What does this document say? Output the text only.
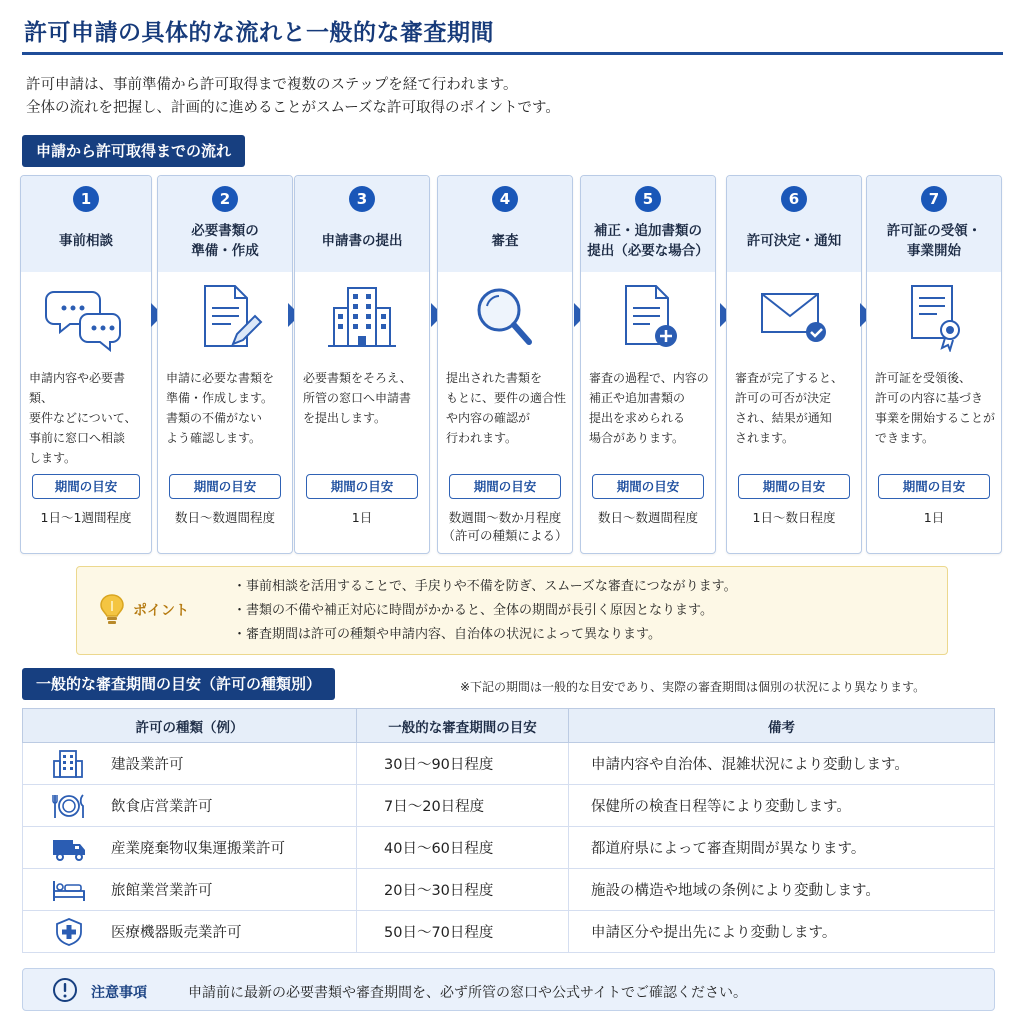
許可申請の具体的な流れと一般的な審査期間
許可申請は、事前準備から許可取得まで複数のステップを経て行われます。
全体の流れを把握し、計画的に進めることがスムーズな許可取得のポイントです。
申請から許可取得までの流れ
1
事前相談
申請内容や必要書類、
要件などについて、
事前に窓口へ相談
します。
期間の目安
1日〜1週間程度
2
必要書類の
準備・作成
申請に必要な書類を
準備・作成します。
書類の不備がない
よう確認します。
期間の目安
数日〜数週間程度
3
申請書の提出
必要書類をそろえ、
所管の窓口へ申請書
を提出します。
期間の目安
1日
4
審査
提出された書類を
もとに、要件の適合性
や内容の確認が
行われます。
期間の目安
数週間〜数か月程度
（許可の種類による）
5
補正・追加書類の
提出（必要な場合）
審査の過程で、内容の
補正や追加書類の
提出を求められる
場合があります。
期間の目安
数日〜数週間程度
6
許可決定・通知
審査が完了すると、
許可の可否が決定
され、結果が通知
されます。
期間の目安
1日〜数日程度
7
許可証の受領・
事業開始
許可証を受領後、
許可の内容に基づき
事業を開始することが
できます。
期間の目安
1日
ポイント
・事前相談を活用することで、手戻りや不備を防ぎ、スムーズな審査につながります。
・書類の不備や補正対応に時間がかかると、全体の期間が長引く原因となります。
・審査期間は許可の種類や申請内容、自治体の状況によって異なります。
一般的な審査期間の目安（許可の種類別）	※下記の期間は一般的な目安であり、実際の審査期間は個別の状況により異なります。
許可の種類（例）	一般的な審査期間の目安	備考

建設業許可	30日〜90日程度	申請内容や自治体、混雑状況により変動します。

飲食店営業許可	7日〜20日程度	保健所の検査日程等により変動します。

産業廃棄物収集運搬業許可	40日〜60日程度	都道府県によって審査期間が異なります。

旅館業営業許可	20日〜30日程度	施設の構造や地域の条例により変動します。

医療機器販売業許可	50日〜70日程度	申請区分や提出先により変動します。
注意事項	申請前に最新の必要書類や審査期間を、必ず所管の窓口や公式サイトでご確認ください。
